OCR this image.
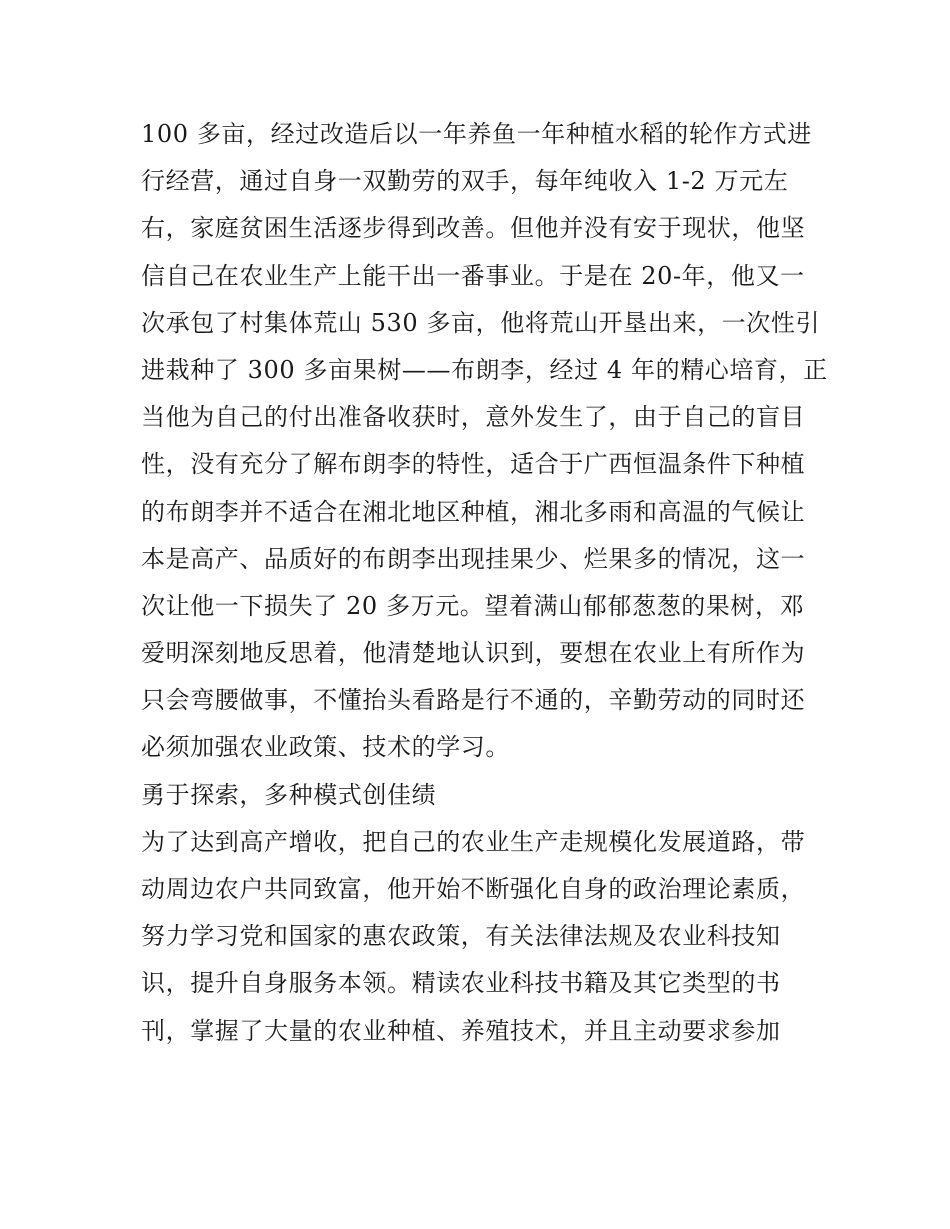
100 多亩，经过改造后以一年养鱼一年种植水稻的轮作方式进
行经营，通过自身一双勤劳的双手，每年纯收入 1-2 万元左
右，家庭贫困生活逐步得到改善。但他并没有安于现状，他坚
信自己在农业生产上能干出一番事业。于是在 20-年，他又一
次承包了村集体荒山 530 多亩，他将荒山开垦出来，一次性引
进栽种了 300 多亩果树——布朗李，经过 4 年的精心培育，正
当他为自己的付出准备收获时，意外发生了，由于自己的盲目
性，没有充分了解布朗李的特性，适合于广西恒温条件下种植
的布朗李并不适合在湘北地区种植，湘北多雨和高温的气候让
本是高产、品质好的布朗李出现挂果少、烂果多的情况，这一
次让他一下损失了 20 多万元。望着满山郁郁葱葱的果树，邓
爱明深刻地反思着，他清楚地认识到，要想在农业上有所作为
只会弯腰做事，不懂抬头看路是行不通的，辛勤劳动的同时还
必须加强农业政策、技术的学习。
勇于探索，多种模式创佳绩
为了达到高产增收，把自己的农业生产走规模化发展道路，带
动周边农户共同致富，他开始不断强化自身的政治理论素质，
努力学习党和国家的惠农政策，有关法律法规及农业科技知
识，提升自身服务本领。精读农业科技书籍及其它类型的书
刊，掌握了大量的农业种植、养殖技术，并且主动要求参加
